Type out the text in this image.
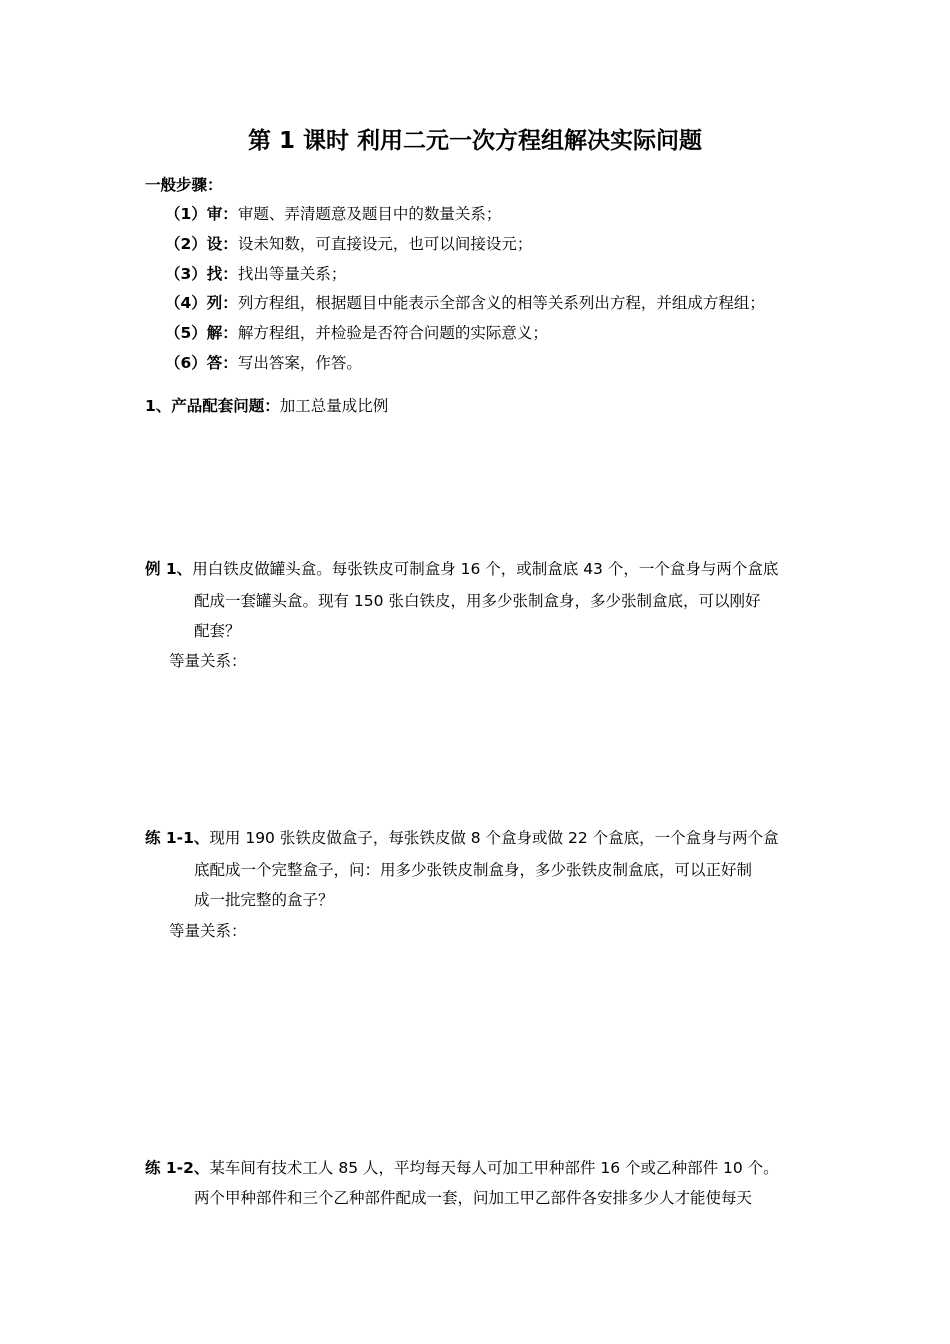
第 1 课时 利用二元一次方程组解决实际问题
一般步骤：
（1）审：审题、弄清题意及题目中的数量关系；
（2）设：设未知数，可直接设元，也可以间接设元；
（3）找：找出等量关系；
（4）列：列方程组，根据题目中能表示全部含义的相等关系列出方程，并组成方程组；
（5）解：解方程组，并检验是否符合问题的实际意义；
（6）答：写出答案，作答。
1、产品配套问题：加工总量成比例
例 1、用白铁皮做罐头盒。每张铁皮可制盒身 16 个，或制盒底 43 个，一个盒身与两个盒底
配成一套罐头盒。现有 150 张白铁皮，用多少张制盒身，多少张制盒底，可以刚好
配套？
等量关系：
练 1-1、现用 190 张铁皮做盒子，每张铁皮做 8 个盒身或做 22 个盒底，一个盒身与两个盒
底配成一个完整盒子，问：用多少张铁皮制盒身，多少张铁皮制盒底，可以正好制
成一批完整的盒子？
等量关系：
练 1-2、某车间有技术工人 85 人，平均每天每人可加工甲种部件 16 个或乙种部件 10 个。
两个甲种部件和三个乙种部件配成一套，问加工甲乙部件各安排多少人才能使每天
